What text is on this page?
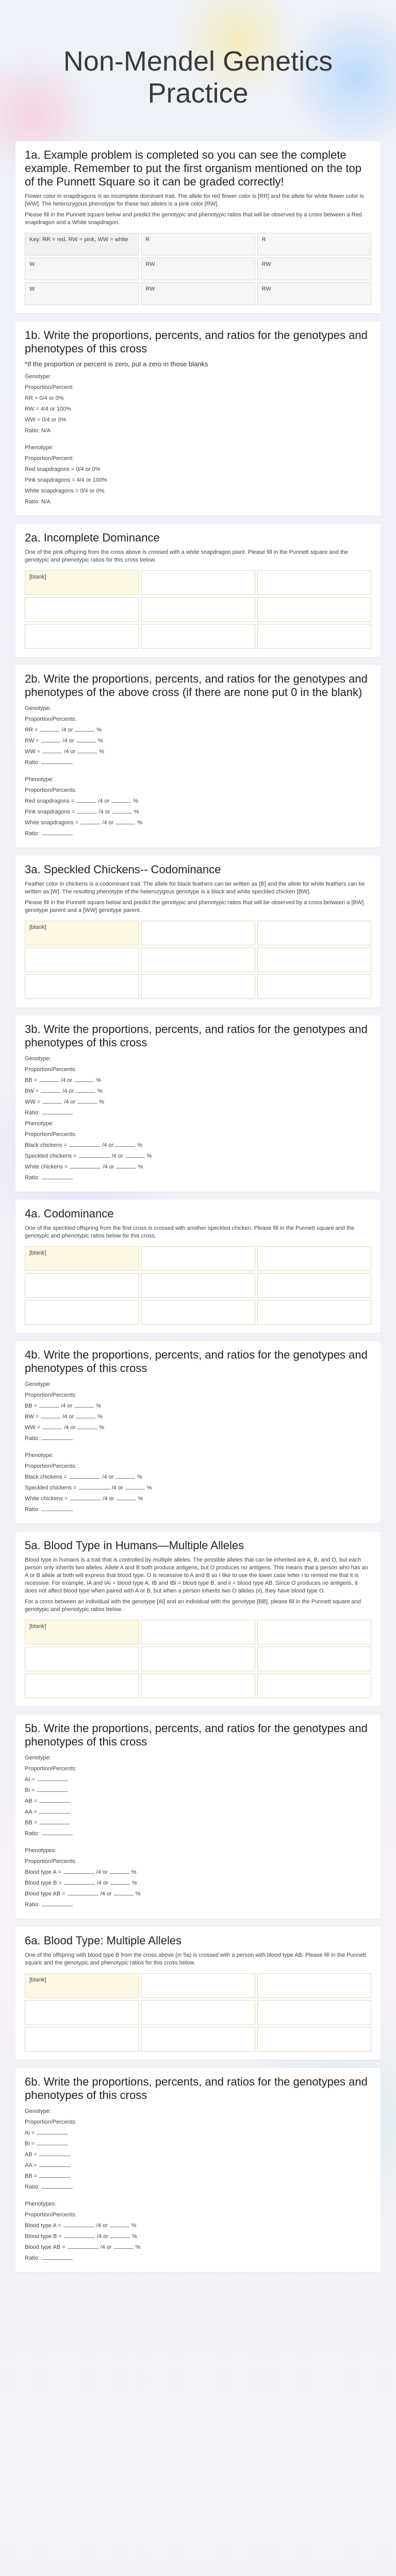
Non-Mendel Genetics Practice
1a. Example problem is completed so you can see the complete example. Remember to put the first organism mentioned on the top of the Punnett Square so it can be graded correctly!

Flower color in snapdragons is an incomplete dominant trait. The allele for red flower color is [RR] and the allele for white flower color is [WW]. The heterozygous phenotype for these two alleles is a pink color [RW].

Please fill in the Punnett square below and predict the genotypic and phenotypic ratios that will be observed by a cross between a Red snapdragon and a White snapdragon.

Key: RR = red, RW = pink, WW = white	R	R
W	RW	RW
W	RW	RW
1b. Write the proportions, percents, and ratios for the genotypes and phenotypes of this cross

*If the proportion or percent is zero, put a zero in those blanks

Genotype:
Proportion/Percent:
RR = 0/4 or 0%
RW = 4/4 or 100%
WW = 0/4 or 0%
Ratio: N/A
Phenotype:
Proportion/Percent:
Red snapdragons = 0/4 or 0%
Pink snapdragons = 4/4 or 100%
White snapdragons = 0/4 or 0%
Ratio: N/A
2a. Incomplete Dominance

One of the pink offspring from the cross above is crossed with a white snapdragon plant. Please fill in the Punnett square and the genotypic and phenotypic ratios for this cross below.

[blank]
2b. Write the proportions, percents, and ratios for the genotypes and phenotypes of the above cross (if there are none put 0 in the blank)
Genotype:
Proportion/Percents:
RR =	/4 or	%
RW =	/4 or	%
WW =	/4 or	%
Ratio:
Phenotype:
Proportion/Percents:
Red snapdragons =	/4 or	%
Pink snapdragons =	/4 or	%
White snapdragons =	/4 or	%
Ratio:
3a. Speckled Chickens-- Codominance

Feather color in chickens is a codominant trait. The allele for black feathers can be written as [B] and the allele for white feathers can be written as [W]. The resulting phenotype of the heterozygous genotype is a black and white speckled chicken [BW].

Please fill in the Punnett square below and predict the genotypic and phenotypic ratios that will be observed by a cross between a [BW] genotype parent and a [WW] genotype parent.

[blank]
3b. Write the proportions, percents, and ratios for the genotypes and phenotypes of this cross
Genotype:
Proportion/Percents:
BB =	/4 or	%
BW =	/4 or	%
WW =	/4 or	%
Ratio:
Phenotype:
Proportion/Percents:
Black chickens =	/4 or	%
Speckled chickens =	/4 or	%
White chickens =	/4 or	%
Ratio:
4a. Codominance

One of the speckled offspring from the first cross is crossed with another speckled chicken. Please fill in the Punnett square and the genotypic and phenotypic ratios below for this cross.

[blank]
4b. Write the proportions, percents, and ratios for the genotypes and phenotypes of this cross
Genotype:
Proportion/Percents:
BB =	/4 or	%
BW =	/4 or	%
WW =	/4 or	%
Ratio:
Phenotype:
Proportion/Percents:
Black chickens =	/4 or	%
Speckled chickens =	/4 or	%
White chickens =	/4 or	%
Ratio:
5a. Blood Type in Humans—Multiple Alleles

Blood type in humans is a trait that is controlled by multiple alleles. The possible alleles that can be inherited are A, B, and O, but each person only inherits two alleles. Allele A and B both produce antigens, but O produces no antigens. This means that a person who has an A or B allele at both will express that blood type. O is recessive to A and B so I like to use the lower case letter i to remind me that it is recessive. For example, IA and IAi = blood type A, IB and IBi = blood type B, and ii = blood type AB. Since O produces no antigens, it does not affect blood type when paired with A or B, but when a person inherits two O alleles (ii), they have blood type O.

For a cross between an individual with the genotype [Ai] and an individual with the genotype [BB], please fill in the Punnett square and genotypic and phenotypic ratios below.

[blank]
5b. Write the proportions, percents, and ratios for the genotypes and phenotypes of this cross
Genotype:
Proportion/Percents:
AI =
Bi =
AB =
AA =
BB =
Ratio:
Phenotypes:
Proportion/Percents:
Blood type A =	/4 or	%
Blood type B =	/4 or	%
Blood type AB =	/4 or	%
Ratio:
6a. Blood Type: Multiple Alleles

One of the offspring with blood type B from the cross above (in 5a) is crossed with a person with blood type AB. Please fill in the Punnett square and the genotypic and phenotypic ratios for this cross below.

[blank]
6b. Write the proportions, percents, and ratios for the genotypes and phenotypes of this cross
Genotype:
Proportion/Percents:
Ai =
Bi =
AB =
AA =
BB =
Ratio:
Phenotypes:
Proportion/Percents:
Blood type A =	/4 or	%
Blood type B =	/4 or	%
Blood type AB =	/4 or	%
Ratio:
